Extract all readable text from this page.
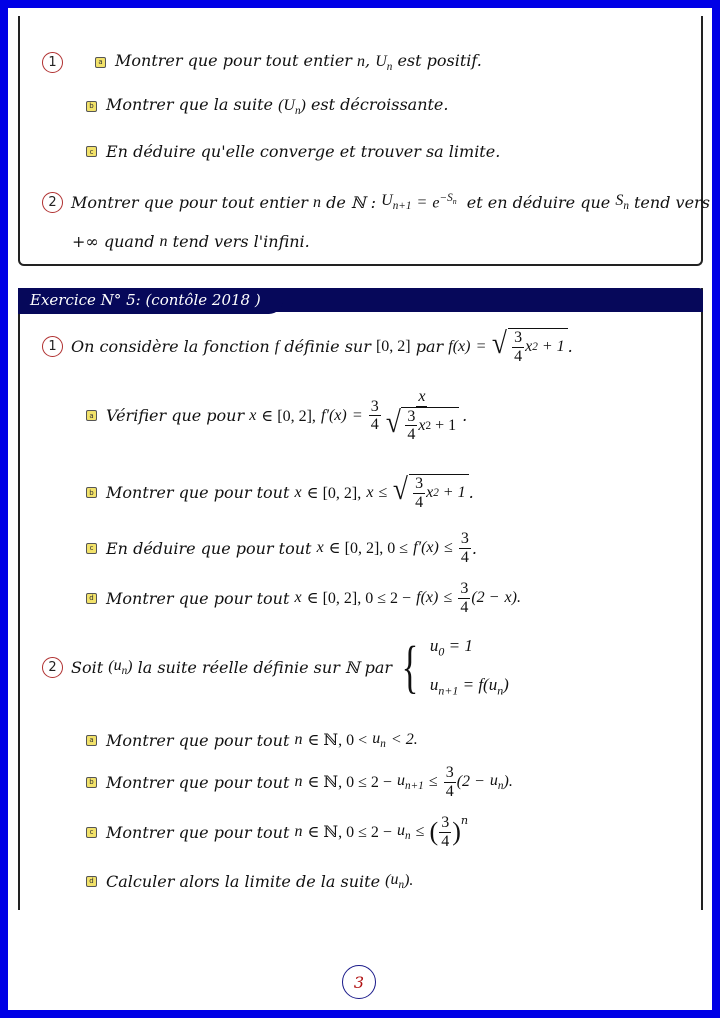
1	a Montrer que pour tout entier n, $U_n$ est positif.
b Montrer que la suite $(U_n)$ est décroissante.
c En déduire qu'elle converge et trouver sa limite.
2 Montrer que pour tout entier
n
de ℕ :
$U_{n+1}$
=
$e^{-S_n}$
et en déduire que
$S_n$
tend vers
+∞ quand
n
tend vers l'infini.
Exercice N° 5: (contôle 2018 )
1 On considère la fonction
f
définie sur
[0, 2]
par
f ( x )
=
√ $\frac{3}{4}$ x 2 + 1 .
a Vérifier que pour
x
∈ [0, 2],
f′ ( x )
=
$\frac{3}{4} \frac{x}{√ \frac{3}{4} x 2 + 1}$ .
b Montrer que pour tout
x
∈ [0, 2],
x
≤
√ $\frac{3}{4}$ x 2 + 1 .
c En déduire que pour tout
x
∈ [0, 2], 0 ≤
f′ ( x )
≤
$\frac{3}{4}$ .
d Montrer que pour tout
x
∈ [0, 2], 0 ≤ 2 −
f ( x )
≤
$\frac{3}{4} (2$ −
x ).
2 Soit
( $u_n$ )
la suite réelle définie sur ℕ par { $u_0 = 1$
$u_{n+1} = f(u_n)$
a Montrer que pour tout
n
∈ ℕ, 0 <
$u_n$
< 2.
b Montrer que pour tout
n
∈ ℕ, 0 ≤ 2 −
$u_{n+1}$
≤
$\frac{3}{4} (2$ −
$u_n$ ).
c Montrer que pour tout
n
∈ ℕ, 0 ≤ 2 −
$u_n$
≤
( $\frac{3}{4} )^n$
d Calculer alors la limite de la suite
( $u_n$ ).
3
